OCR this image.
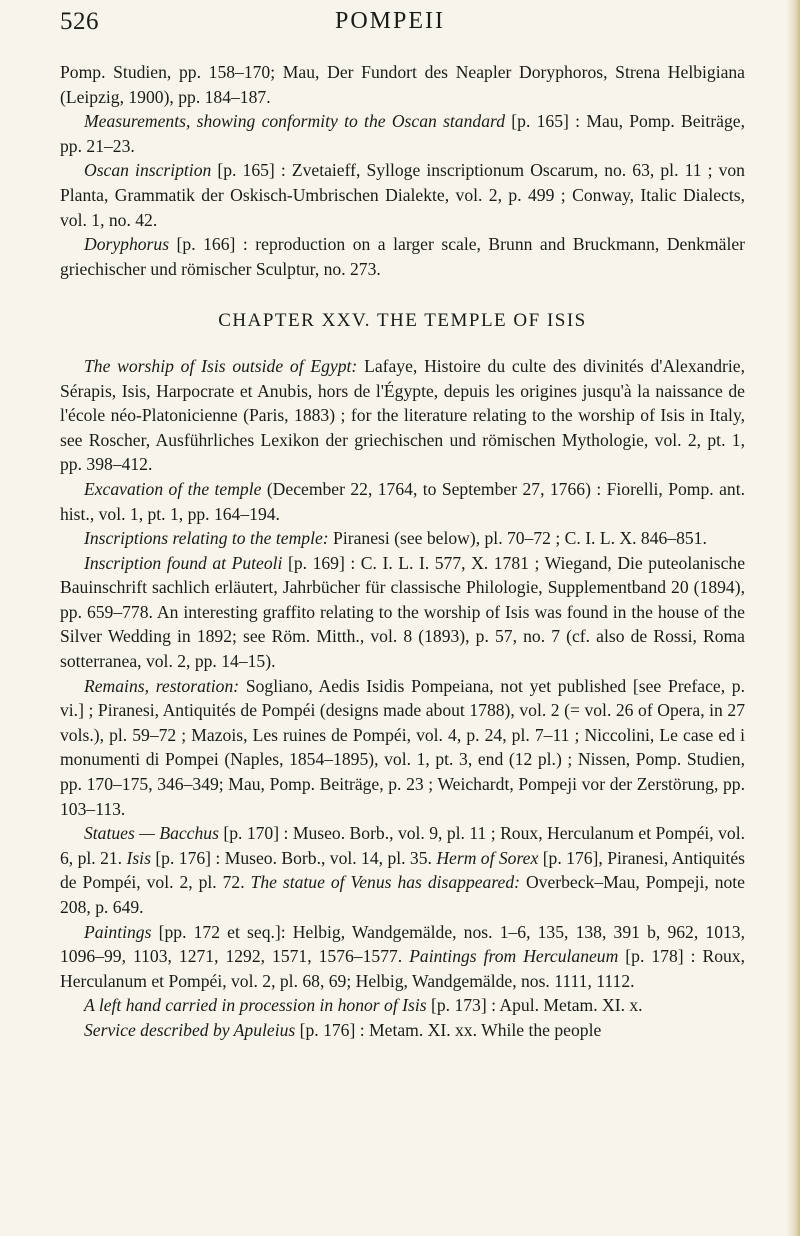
526	POMPEII

Pomp. Studien, pp. 158–170; Mau, Der Fundort des Neapler Doryphoros, Strena Helbigiana (Leipzig, 1900), pp. 184–187.

Measurements, showing conformity to the Oscan standard [p. 165] : Mau, Pomp. Beiträge, pp. 21–23.

Oscan inscription [p. 165] : Zvetaieff, Sylloge inscriptionum Oscarum, no. 63, pl. 11 ; von Planta, Grammatik der Oskisch-Umbrischen Dialekte, vol. 2, p. 499 ; Conway, Italic Dialects, vol. 1, no. 42.

Doryphorus [p. 166] : reproduction on a larger scale, Brunn and Bruckmann, Denkmäler griechischer und römischer Sculptur, no. 273.

CHAPTER XXV. THE TEMPLE OF ISIS

The worship of Isis outside of Egypt: Lafaye, Histoire du culte des divinités d'Alexandrie, Sérapis, Isis, Harpocrate et Anubis, hors de l'Égypte, depuis les origines jusqu'à la naissance de l'école néo-Platonicienne (Paris, 1883) ; for the literature relating to the worship of Isis in Italy, see Roscher, Ausführliches Lexikon der griechischen und römischen Mythologie, vol. 2, pt. 1, pp. 398–412.

Excavation of the temple (December 22, 1764, to September 27, 1766) : Fiorelli, Pomp. ant. hist., vol. 1, pt. 1, pp. 164–194.

Inscriptions relating to the temple: Piranesi (see below), pl. 70–72 ; C. I. L. X. 846–851.

Inscription found at Puteoli [p. 169] : C. I. L. I. 577, X. 1781 ; Wiegand, Die puteolanische Bauinschrift sachlich erläutert, Jahrbücher für classische Philologie, Supplementband 20 (1894), pp. 659–778. An interesting graffito relating to the worship of Isis was found in the house of the Silver Wedding in 1892; see Röm. Mitth., vol. 8 (1893), p. 57, no. 7 (cf. also de Rossi, Roma sotterranea, vol. 2, pp. 14–15).

Remains, restoration: Sogliano, Aedis Isidis Pompeiana, not yet published [see Preface, p. vi.] ; Piranesi, Antiquités de Pompéi (designs made about 1788), vol. 2 (= vol. 26 of Opera, in 27 vols.), pl. 59–72 ; Mazois, Les ruines de Pompéi, vol. 4, p. 24, pl. 7–11 ; Niccolini, Le case ed i monumenti di Pompei (Naples, 1854–1895), vol. 1, pt. 3, end (12 pl.) ; Nissen, Pomp. Studien, pp. 170–175, 346–349; Mau, Pomp. Beiträge, p. 23 ; Weichardt, Pompeji vor der Zerstörung, pp. 103–113.

Statues — Bacchus [p. 170] : Museo. Borb., vol. 9, pl. 11 ; Roux, Herculanum et Pompéi, vol. 6, pl. 21. Isis [p. 176] : Museo. Borb., vol. 14, pl. 35. Herm of Sorex [p. 176], Piranesi, Antiquités de Pompéi, vol. 2, pl. 72. The statue of Venus has disappeared: Overbeck–Mau, Pompeji, note 208, p. 649.

Paintings [pp. 172 et seq.]: Helbig, Wandgemälde, nos. 1–6, 135, 138, 391 b, 962, 1013, 1096–99, 1103, 1271, 1292, 1571, 1576–1577. Paintings from Herculaneum [p. 178] : Roux, Herculanum et Pompéi, vol. 2, pl. 68, 69; Helbig, Wandgemälde, nos. 1111, 1112.

A left hand carried in procession in honor of Isis [p. 173] : Apul. Metam. XI. x.

Service described by Apuleius [p. 176] : Metam. XI. xx. While the people
